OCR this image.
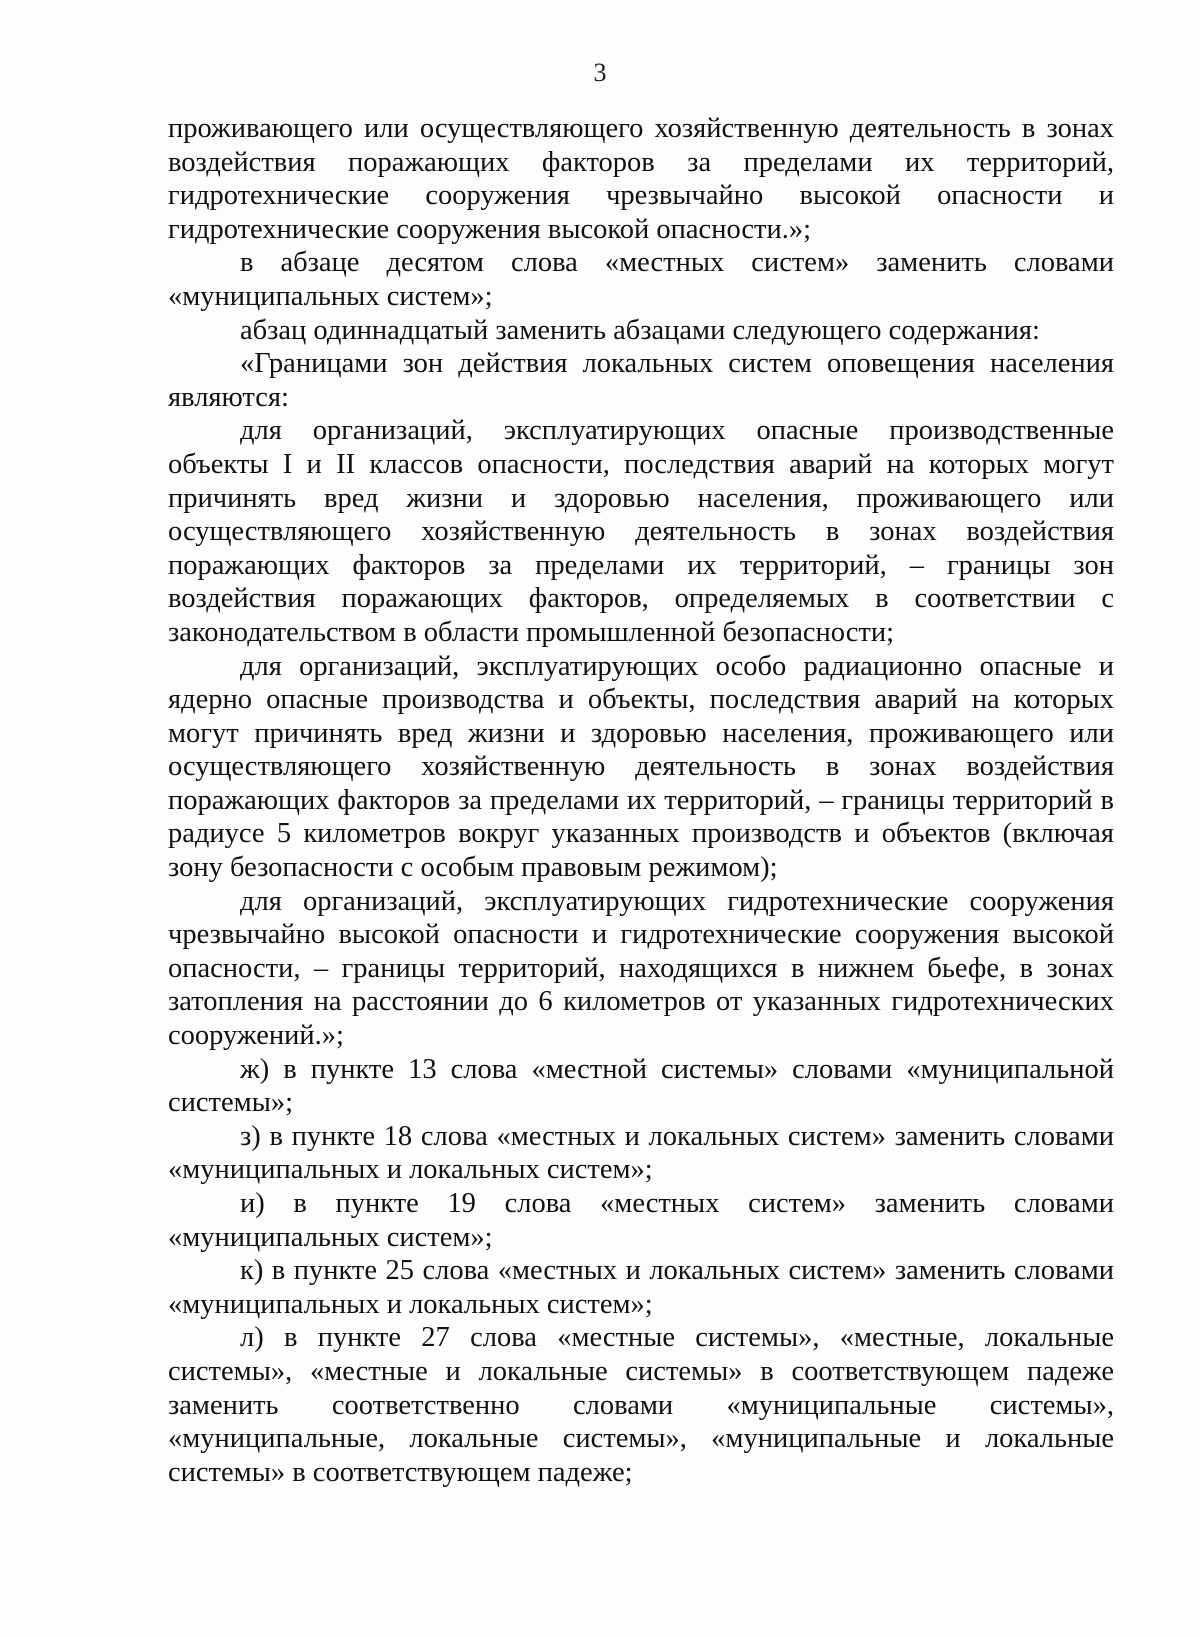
3

проживающего или осуществляющего хозяйственную деятельность в зонах воздействия поражающих факторов за пределами их территорий, гидротехнические сооружения чрезвычайно высокой опасности и гидротехнические сооружения высокой опасности.»;

в абзаце десятом слова «местных систем» заменить словами «муниципальных систем»;

абзац одиннадцатый заменить абзацами следующего содержания:

«Границами зон действия локальных систем оповещения населения являются:

для организаций, эксплуатирующих опасные производственные объекты I и II классов опасности, последствия аварий на которых могут причинять вред жизни и здоровью населения, проживающего или осуществляющего хозяйственную деятельность в зонах воздействия поражающих факторов за пределами их территорий, – границы зон воздействия поражающих факторов, определяемых в соответствии с законодательством в области промышленной безопасности;

для организаций, эксплуатирующих особо радиационно опасные и ядерно опасные производства и объекты, последствия аварий на которых могут причинять вред жизни и здоровью населения, проживающего или осуществляющего хозяйственную деятельность в зонах воздействия поражающих факторов за пределами их территорий, – границы территорий в радиусе 5 километров вокруг указанных производств и объектов (включая зону безопасности с особым правовым режимом);

для организаций, эксплуатирующих гидротехнические сооружения чрезвычайно высокой опасности и гидротехнические сооружения высокой опасности, – границы территорий, находящихся в нижнем бьефе, в зонах затопления на расстоянии до 6 километров от указанных гидротехнических сооружений.»;

ж) в пункте 13 слова «местной системы» словами «муниципальной системы»;

з) в пункте 18 слова «местных и локальных систем» заменить словами «муниципальных и локальных систем»;

и) в пункте 19 слова «местных систем» заменить словами «муниципальных систем»;

к) в пункте 25 слова «местных и локальных систем» заменить словами «муниципальных и локальных систем»;

л) в пункте 27 слова «местные системы», «местные, локальные системы», «местные и локальные системы» в соответствующем падеже заменить соответственно словами «муниципальные системы», «муниципальные, локальные системы», «муниципальные и локальные системы» в соответствующем падеже;
